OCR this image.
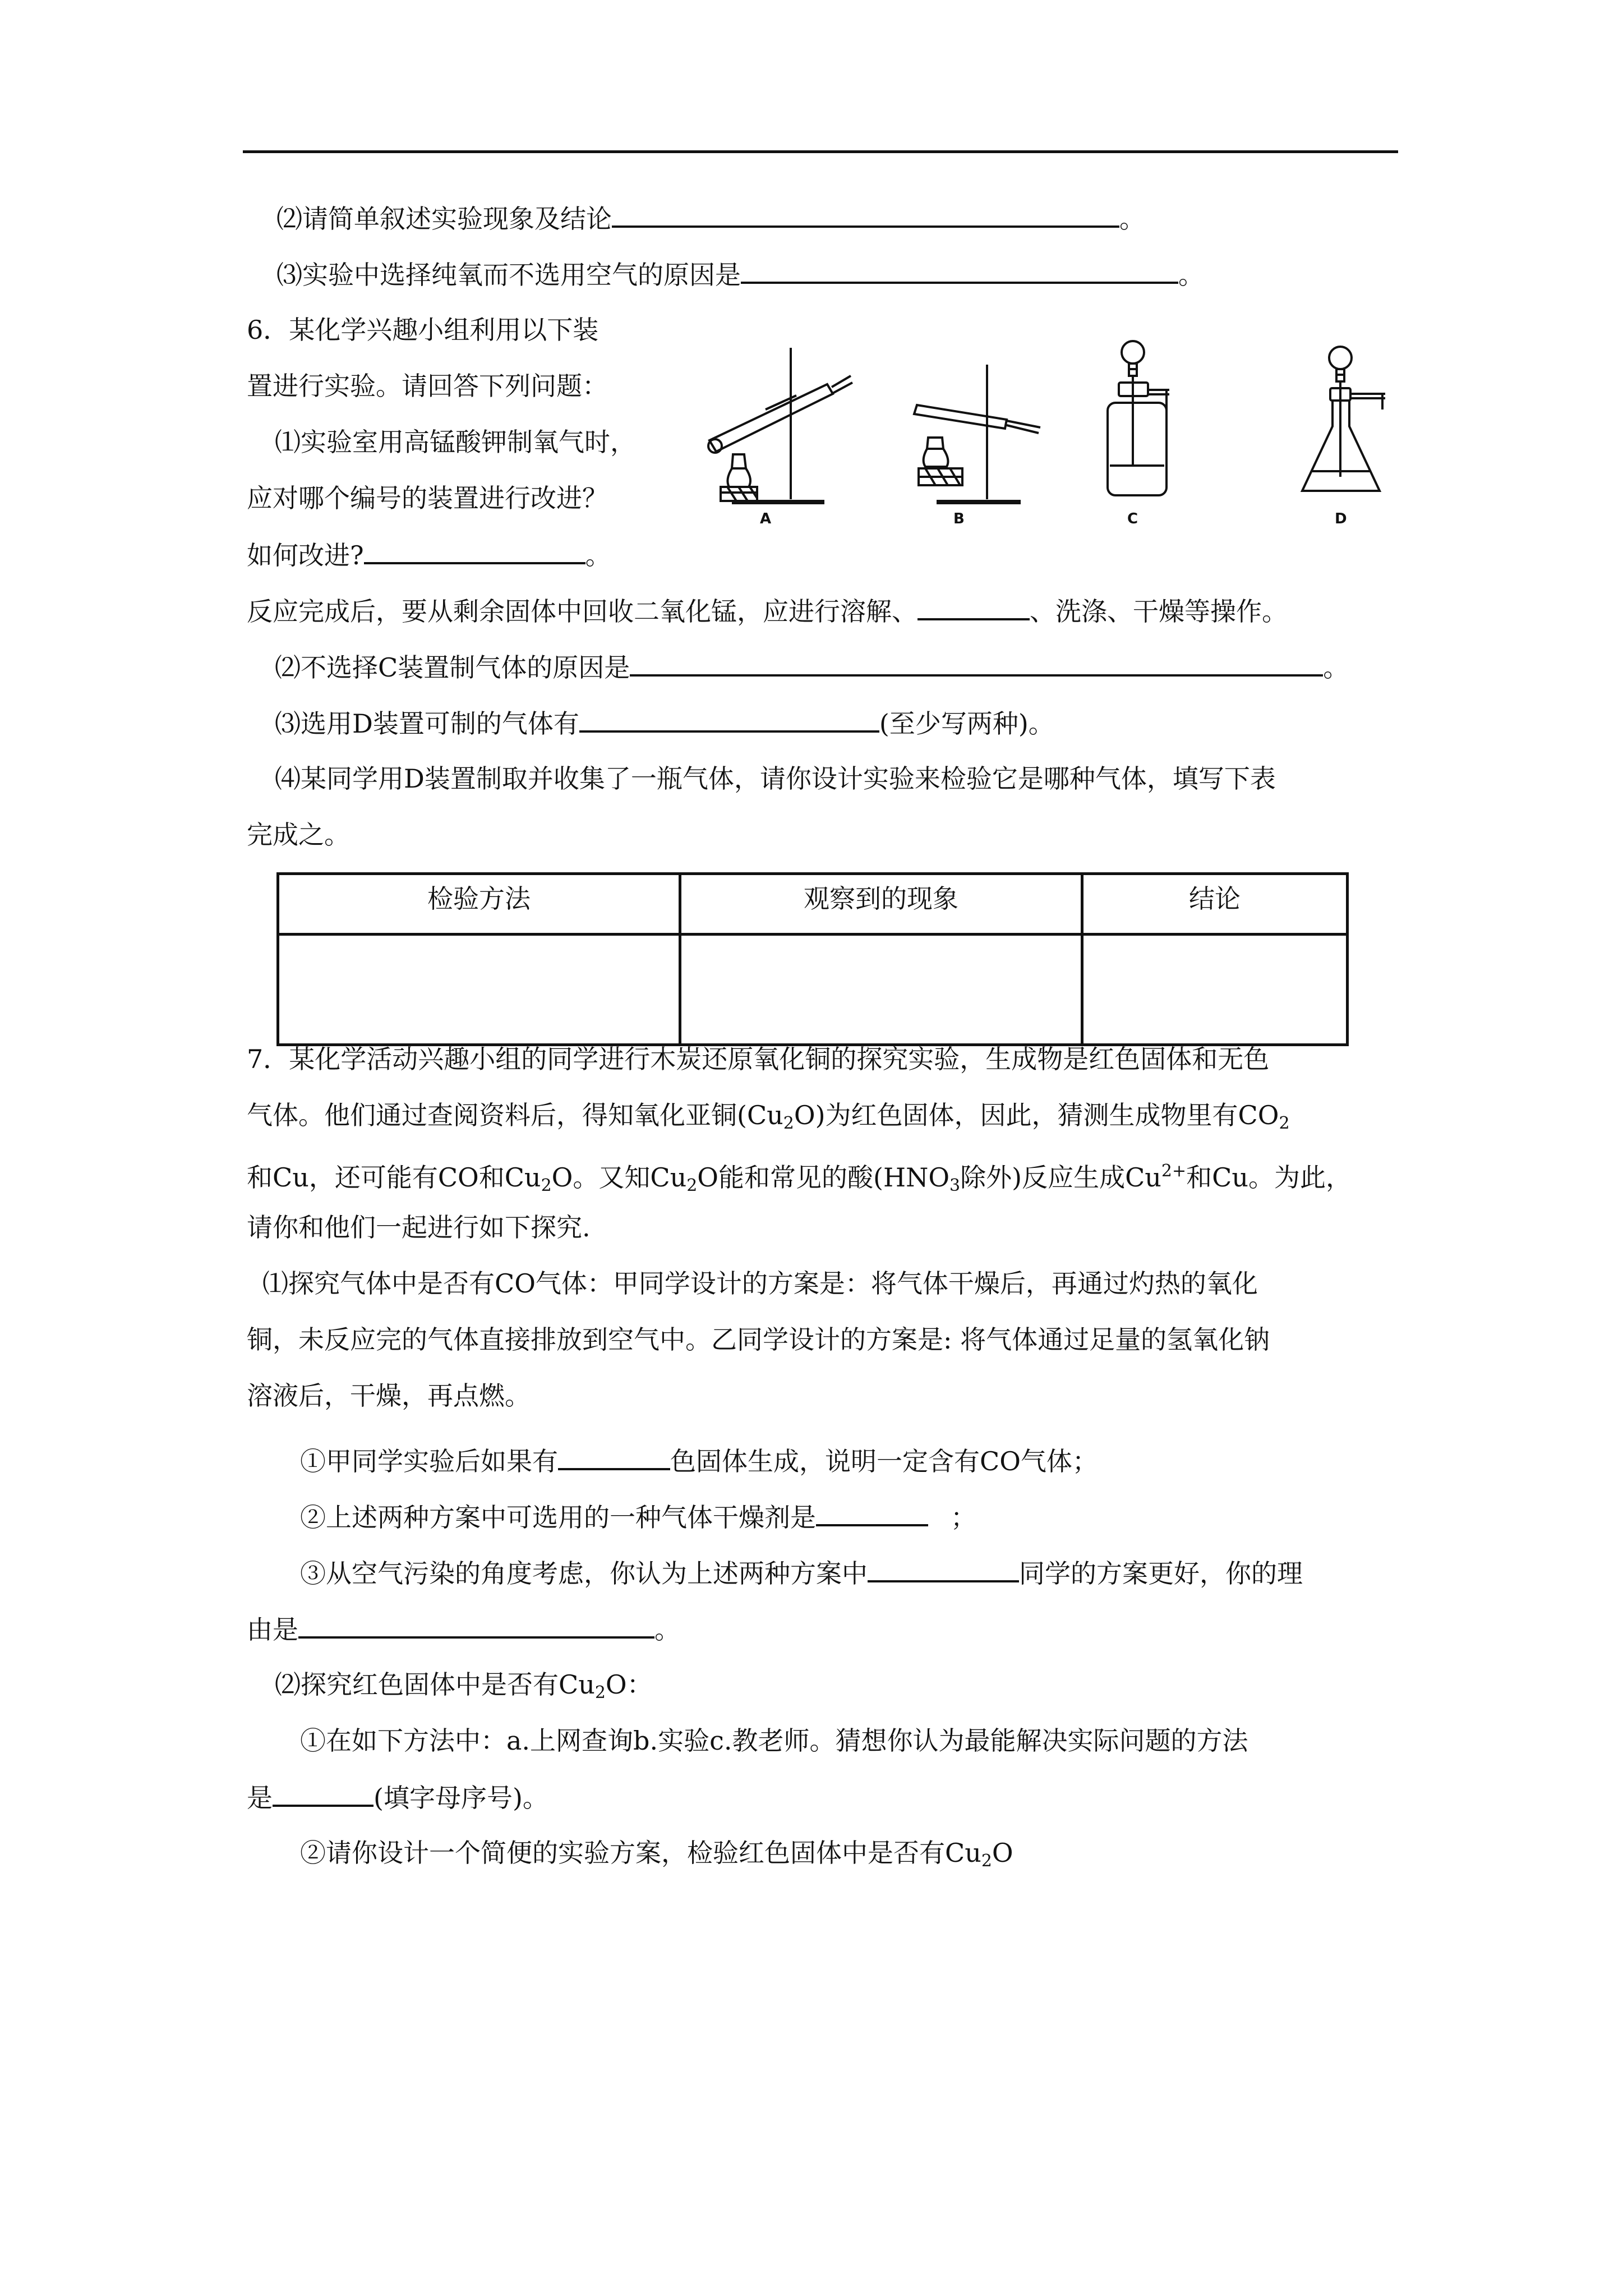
⑵请简单叙述实验现象及结论	。
⑶实验中选择纯氧而不选用空气的原因是	。
6．某化学兴趣小组利用以下装
置进行实验。请回答下列问题：
⑴实验室用高锰酸钾制氧气时，
应对哪个编号的装置进行改进？
如何改进?	。
A	B	C	D
反应完成后，要从剩余固体中回收二氧化锰，应进行溶解、	、洗涤、干燥等操作。
⑵不选择C装置制气体的原因是	。
⑶选用D装置可制的气体有	(至少写两种)。
⑷某同学用D装置制取并收集了一瓶气体，请你设计实验来检验它是哪种气体，填写下表
完成之。
检验方法	观察到的现象	结论

7．某化学活动兴趣小组的同学进行木炭还原氧化铜的探究实验，生成物是红色固体和无色
气体。他们通过查阅资料后，得知氧化亚铜$(Cu_2O)$为红色固体，因此，猜测生成物里有$CO_2$
和Cu，还可能有CO和$Cu_2O$。又知$Cu_2O$能和常见的酸($HNO_3$除外)反应生成$Cu^{2+}$和Cu。为此，
请你和他们一起进行如下探究.
⑴探究气体中是否有CO气体：甲同学设计的方案是：将气体干燥后，再通过灼热的氧化
铜，未反应完的气体直接排放到空气中。乙同学设计的方案是: 将气体通过足量的氢氧化钠
溶液后，干燥，再点燃。
①甲同学实验后如果有	色固体生成，说明一定含有CO气体；
②上述两种方案中可选用的一种气体干燥剂是	；
③从空气污染的角度考虑，你认为上述两种方案中	同学的方案更好，你的理
由是	。
⑵探究红色固体中是否有$Cu_2O$：
①在如下方法中：a.上网查询b.实验c.教老师。猜想你认为最能解决实际问题的方法
是	(填字母序号)。
②请你设计一个简便的实验方案，检验红色固体中是否有$Cu_2O$
